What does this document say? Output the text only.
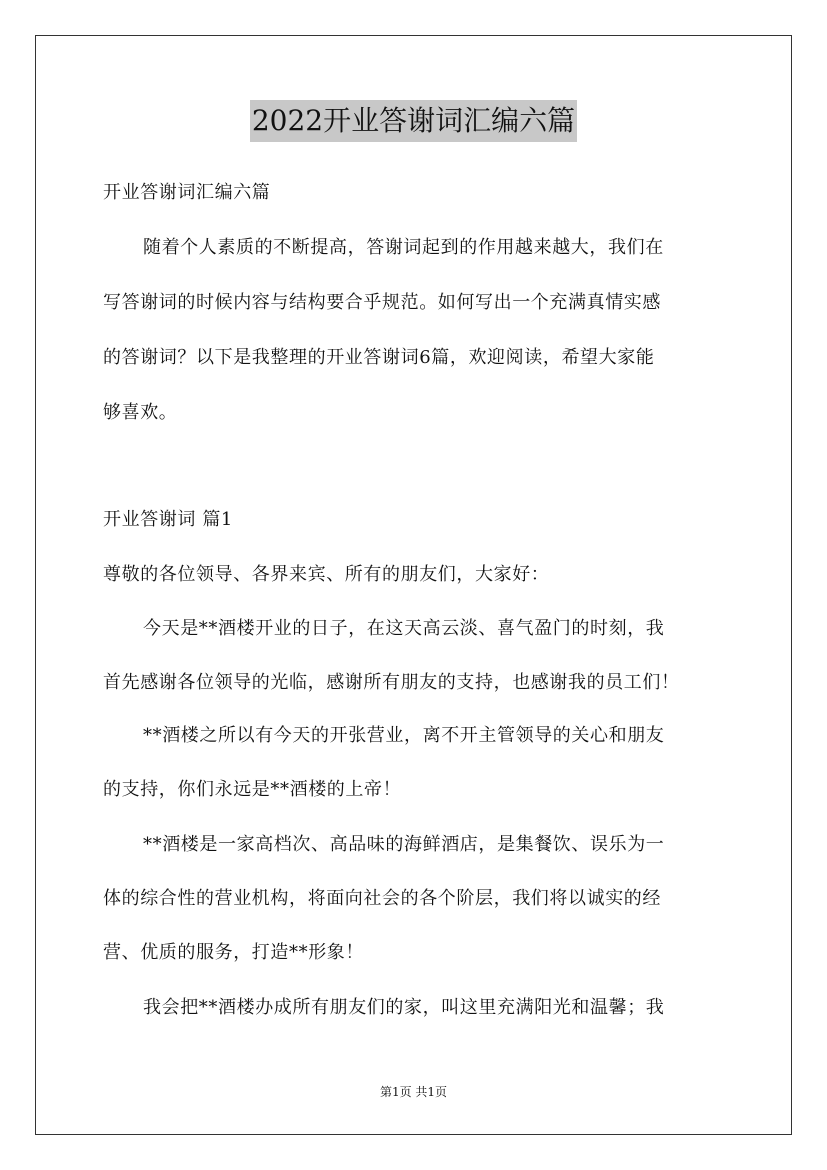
2022开业答谢词汇编六篇
开业答谢词汇编六篇
随着个人素质的不断提高，答谢词起到的作用越来越大，我们在
写答谢词的时候内容与结构要合乎规范。如何写出一个充满真情实感
的答谢词？以下是我整理的开业答谢词6篇，欢迎阅读，希望大家能
够喜欢。
开业答谢词 篇1
尊敬的各位领导、各界来宾、所有的朋友们，大家好：
今天是**酒楼开业的日子，在这天高云淡、喜气盈门的时刻，我
首先感谢各位领导的光临，感谢所有朋友的支持，也感谢我的员工们！
**酒楼之所以有今天的开张营业，离不开主管领导的关心和朋友
的支持，你们永远是**酒楼的上帝！
**酒楼是一家高档次、高品味的海鲜酒店，是集餐饮、误乐为一
体的综合性的营业机构，将面向社会的各个阶层，我们将以诚实的经
营、优质的服务，打造**形象！
我会把**酒楼办成所有朋友们的家，叫这里充满阳光和温馨；我
第1页 共1页
